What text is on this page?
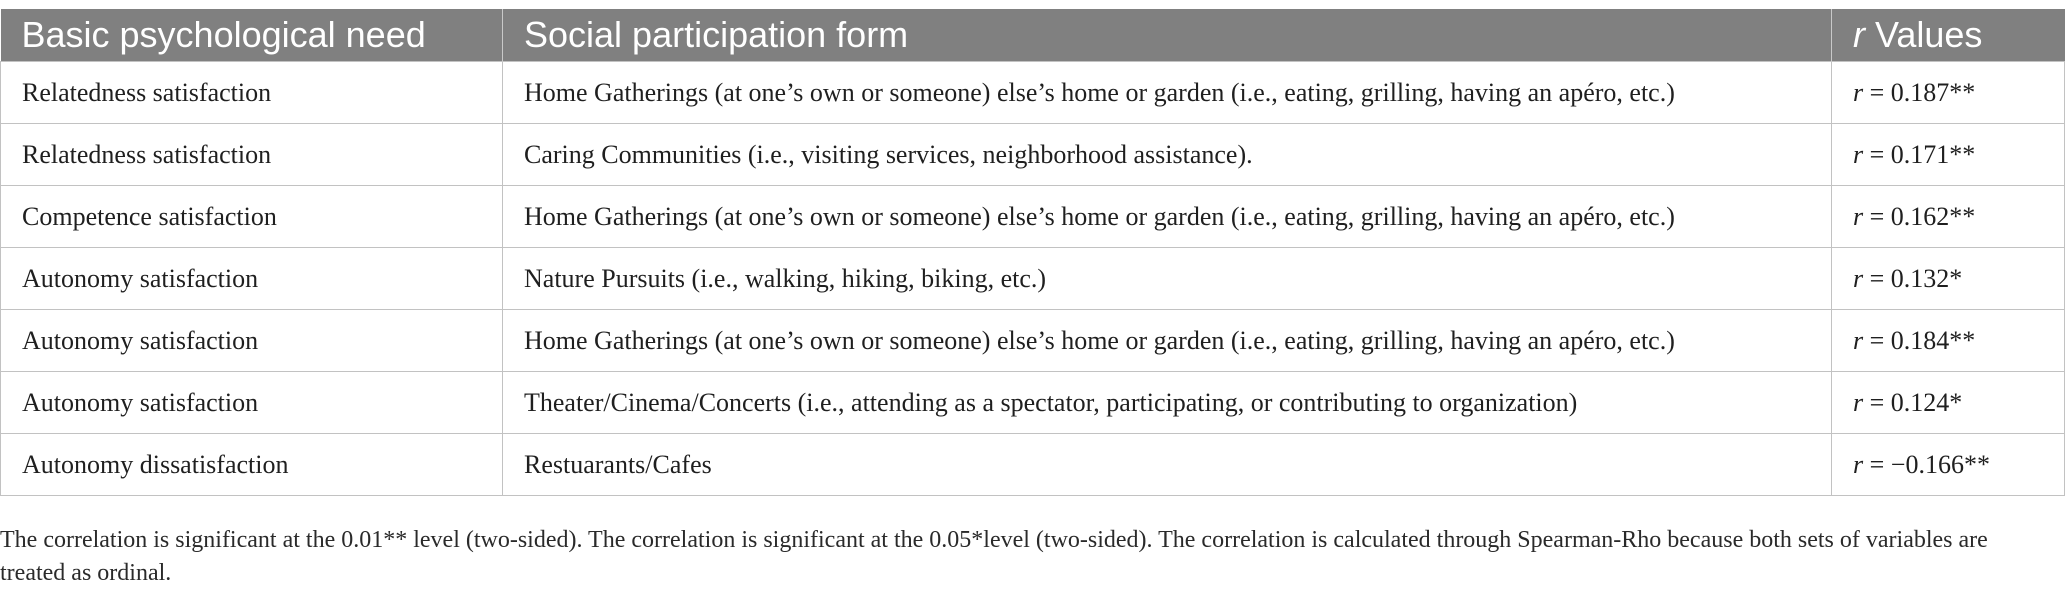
Basic psychological need	Social participation form	r Values
Relatedness satisfaction	Home Gatherings (at one’s own or someone) else’s home or garden (i.e., eating, grilling, having an apéro, etc.)	r = 0.187**
Relatedness satisfaction	Caring Communities (i.e., visiting services, neighborhood assistance).	r = 0.171**
Competence satisfaction	Home Gatherings (at one’s own or someone) else’s home or garden (i.e., eating, grilling, having an apéro, etc.)	r = 0.162**
Autonomy satisfaction	Nature Pursuits (i.e., walking, hiking, biking, etc.)	r = 0.132*
Autonomy satisfaction	Home Gatherings (at one’s own or someone) else’s home or garden (i.e., eating, grilling, having an apéro, etc.)	r = 0.184**
Autonomy satisfaction	Theater/Cinema/Concerts (i.e., attending as a spectator, participating, or contributing to organization)	r = 0.124*
Autonomy dissatisfaction	Restuarants/Cafes	r = −0.166**
The correlation is significant at the 0.01** level (two-sided). The correlation is significant at the 0.05*level (two-sided). The correlation is calculated through Spearman-Rho because both sets of variables are treated as ordinal.
